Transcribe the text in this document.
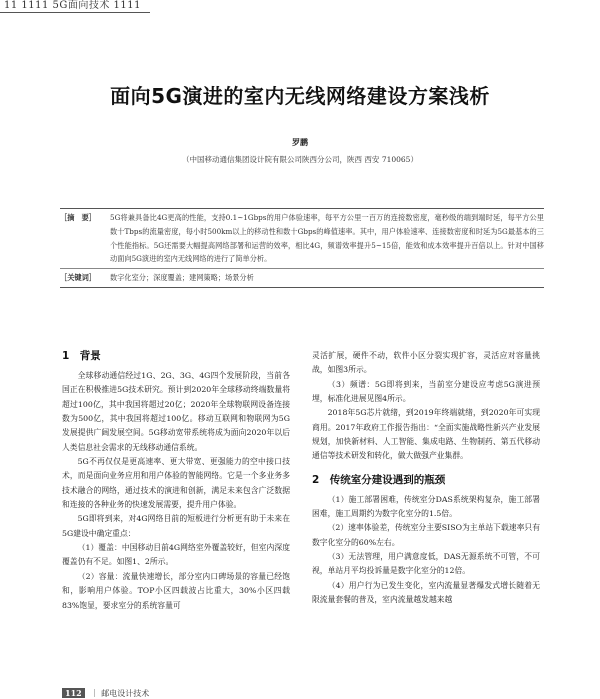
11 1111 5G面向技术 1111
面向5G演进的室内无线网络建设方案浅析
罗鹏
（中国移动通信集团设计院有限公司陕西分公司，陕西 西安 710065）
［摘　要］	5G将兼具备比4G更高的性能，支持0.1~1Gbps的用户体验速率，每平方公里一百万的连接数密度，毫秒级的端到端时延，每平方公里数十Tbps的流量密度，每小时500km以上的移动性和数十Gbps的峰值速率。其中，用户体验速率、连接数密度和时延为5G最基本的三个性能指标。5G还需要大幅提高网络部署和运营的效率，相比4G，频谱效率提升5~15倍，能效和成本效率提升百倍以上。针对中国移动面向5G演进的室内无线网络的进行了简单分析。
［关键词］	数字化室分；深度覆盖；建网策略；场景分析
1　背景

全球移动通信经过1G、2G、3G、4G四个发展阶段，当前各国正在积极推进5G技术研究。预计到2020年全球移动终端数量将超过100亿，其中我国将超过20亿；2020年全球物联网设备连接数为500亿，其中我国将超过100亿。移动互联网和物联网为5G发展提供广阔发展空间。5G移动宽带系统将成为面向2020年以后人类信息社会需求的无线移动通信系统。

5G不再仅仅是更高速率、更大带宽、更强能力的空中接口技术，而是面向业务应用和用户体验的智能网络。它是一个多业务多技术融合的网络，通过技术的演进和创新，满足未来包含广泛数据和连接的各种业务的快速发展需要，提升用户体验。

5G即将到来，对4G网络目前的短板进行分析更有助于未来在5G建设中确定重点：

（1）覆盖：中国移动目前4G网络室外覆盖较好，但室内深度覆盖仍有不足。如图1、2所示。

（2）容量：流量快速增长，部分室内口碑场景的容量已经饱和，影响用户体验。TOP小区四载波占比重大，30%小区四载83%饱显，要求室分的系统容量可

灵活扩展，硬件不动，软件小区分裂实现扩容，灵活应对容量挑战，如图3所示。

（3）频谱：5G即将到来，当前室分建设应考虑5G演进预埋，标准化进展见图4所示。

2018年5G芯片就绪，到2019年终端就绪，到2020年可实现商用。2017年政府工作报告指出：“全面实施战略性新兴产业发展规划，加快新材料、人工智能、集成电路、生物制药、第五代移动通信等技术研发和转化，做大做强产业集群。

2　传统室分建设遇到的瓶颈

（1）施工部署困难，传统室分DAS系统架构复杂，施工部署困难，施工周期约为数字化室分的1.5倍。

（2）速率体验差，传统室分主要SISO为主单站下载速率只有数字化室分的60%左右。

（3）无法管理，用户满意度低，DAS无源系统不可管，不可视，单站月平均投诉量是数字化室分的12倍。

（4）用户行为已发生变化，室内流量显著爆发式增长随着无限流量套餐的普及，室内流量越发越来越

112 ｜ 邮电设计技术
